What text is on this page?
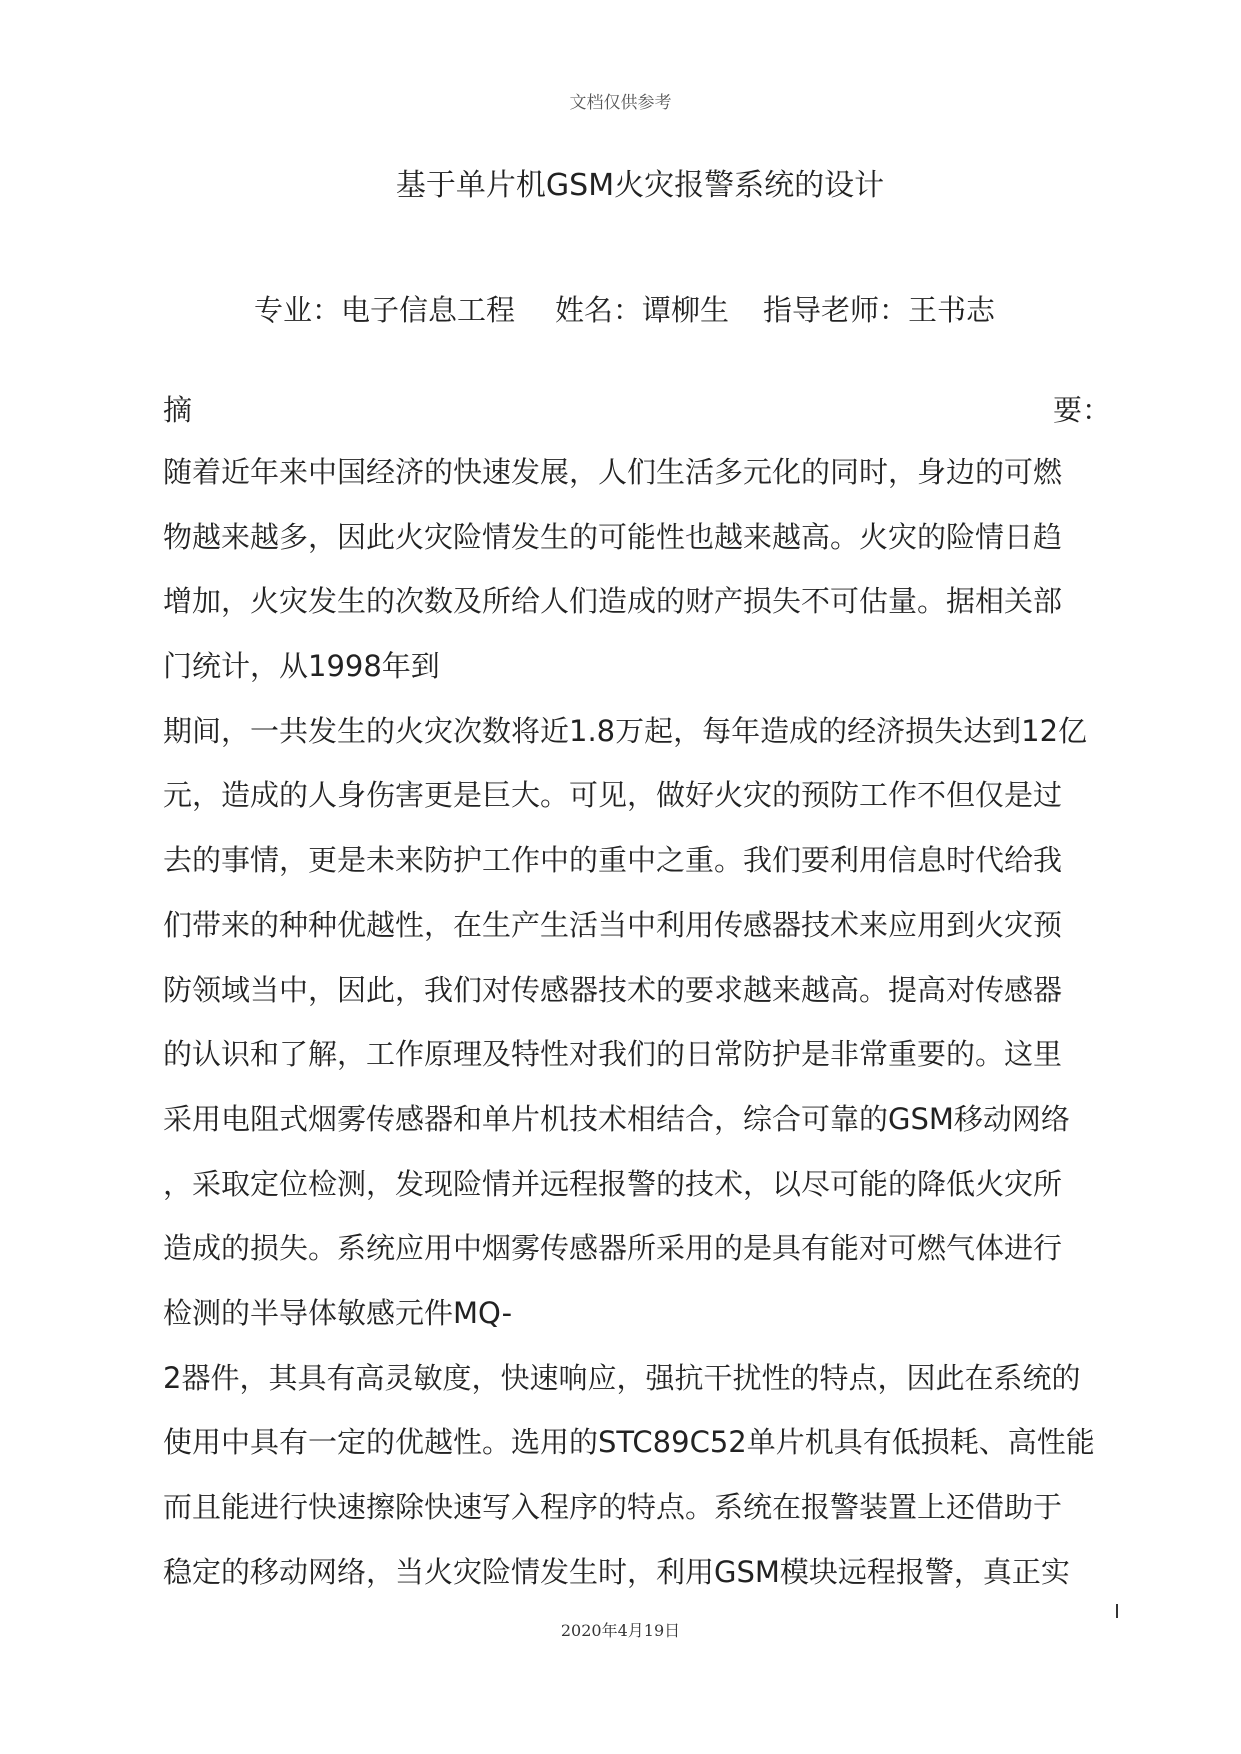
文档仅供参考
基于单片机GSM火灾报警系统的设计
专业：电子信息工程 姓名：谭柳生 指导老师：王书志
摘	要：
随着近年来中国经济的快速发展，人们生活多元化的同时，身边的可燃
物越来越多，因此火灾险情发生的可能性也越来越高。火灾的险情日趋
增加，火灾发生的次数及所给人们造成的财产损失不可估量。据相关部
门统计，从1998年到
期间，一共发生的火灾次数将近1.8万起，每年造成的经济损失达到12亿
元，造成的人身伤害更是巨大。可见，做好火灾的预防工作不但仅是过
去的事情，更是未来防护工作中的重中之重。我们要利用信息时代给我
们带来的种种优越性，在生产生活当中利用传感器技术来应用到火灾预
防领域当中，因此，我们对传感器技术的要求越来越高。提高对传感器
的认识和了解，工作原理及特性对我们的日常防护是非常重要的。这里
采用电阻式烟雾传感器和单片机技术相结合，综合可靠的GSM移动网络
，采取定位检测，发现险情并远程报警的技术，以尽可能的降低火灾所
造成的损失。系统应用中烟雾传感器所采用的是具有能对可燃气体进行
检测的半导体敏感元件MQ-
2器件，其具有高灵敏度，快速响应，强抗干扰性的特点，因此在系统的
使用中具有一定的优越性。选用的STC89C52单片机具有低损耗、高性能
而且能进行快速擦除快速写入程序的特点。系统在报警装置上还借助于
稳定的移动网络，当火灾险情发生时，利用GSM模块远程报警，真正实
2020年4月19日
